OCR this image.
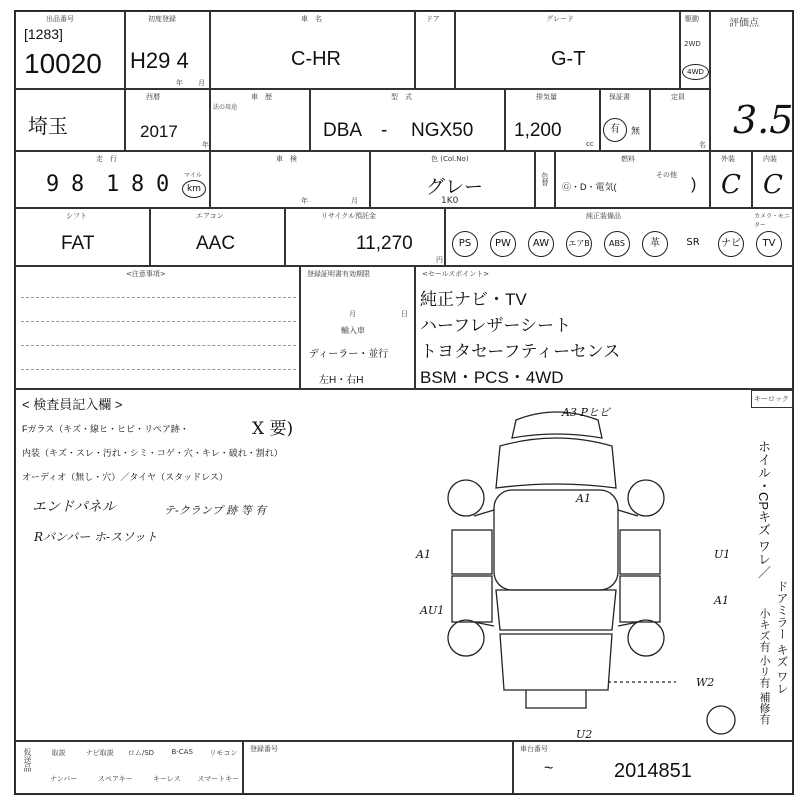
出品番号
[1283]
10020
初度登録
H29 4
年 月
車　名
C-HR
ドア	グレード
G-T
駆動
2WD
4WD
評価点
3.5
埼玉
西暦
2017
年
車　歴
法の用途
型　式
DBA - NGX50
排気量
1,200
cc
保証書
有	無
定員
名
走　行
9 8 1 8 0 マイル
km
車　検
年	月
色 (Col.No)
グレー
1K0
色替
燃料
Ⓖ・D・電気(
その他
)
外装
C
内装
C
シフト
FAT
エアコン
AAC
リサイクル預託金
11,270
円
純正装備品	カメラ・モニター
PS	PW	AW	エアB	ABS	革	SR	ナビ	TV
<注意事項>	登録証明書有効期限
月	日
輸入車
ディーラー・並行
左H・右H
<セールスポイント>
純正ナビ・TV
ハーフレザーシート
トヨタセーフティーセンス
BSM・PCS・4WD
< 検査員記入欄 >
Fガラス（キズ・線ヒ・ヒビ・リペア跡・	X 要)
内装（キズ・スレ・汚れ・シミ・コゲ・穴・キレ・破れ・割れ）
オーディオ（無し・穴）／タイヤ（スタッドレス）
エンドパネル	テ-クランプ 跡 等 有
Rバンパー ホ-スソット
キーロック
ホイル・CPキズ ワレ／
ドアミラー キズ ワレ
小キズ有 小リ有 補修有
A3 Pヒビ
A1
A1	U1
AU1
A1
W2
U2
仮送品	取説	ナビ取説	ロム/SD	B-CAS	リモコン
ナンバー	スペアキー	キーレス	スマートキー
登録番号	車台番号
~	2014851
